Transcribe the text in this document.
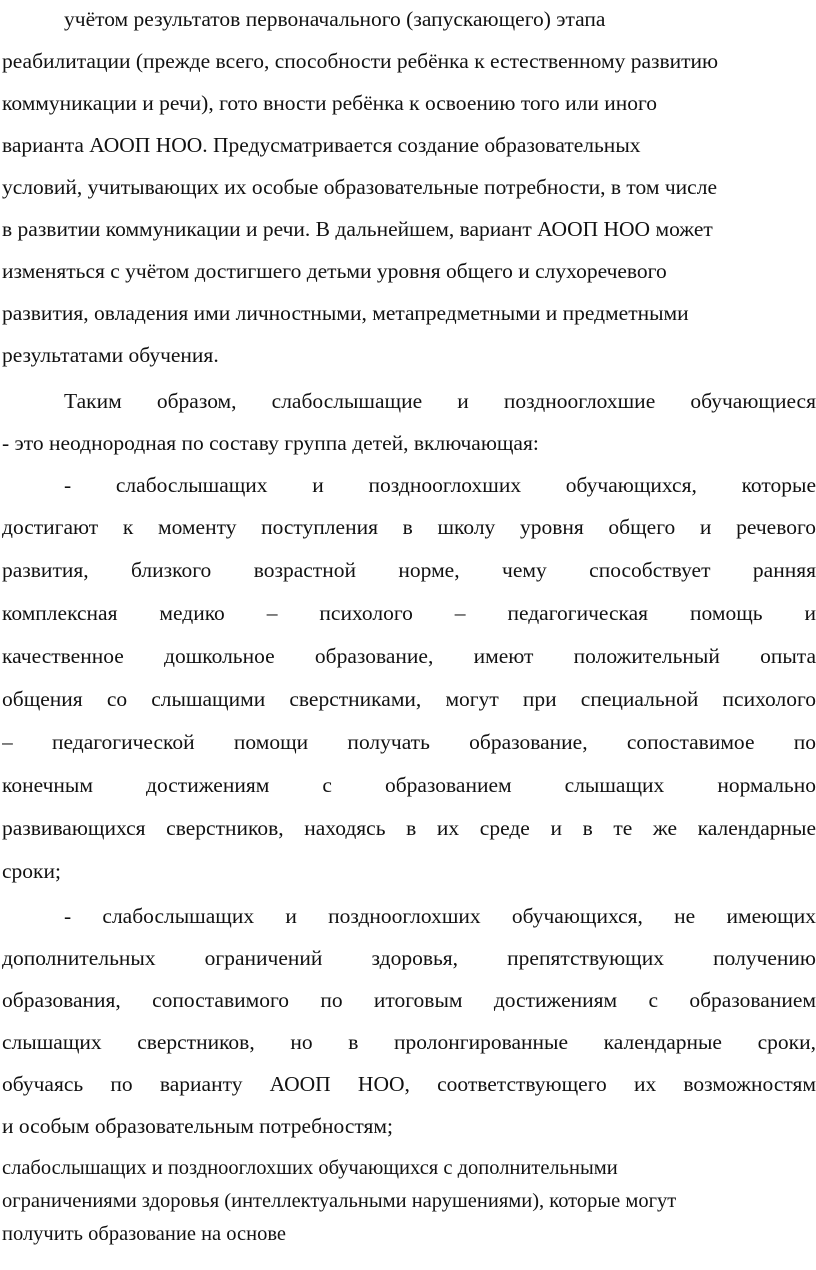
учётом результатов первоначального (запускающего) этапа
реабилитации (прежде всего, способности ребёнка к естественному развитию
коммуникации и речи), гото вности ребёнка к освоению того или иного
варианта АООП НОО. Предусматривается создание образовательных
условий, учитывающих их особые образовательные потребности, в том числе
в развитии коммуникации и речи. В дальнейшем, вариант АООП НОО может
изменяться с учётом достигшего детьми уровня общего и слухоречевого
развития, овладения ими личностными, метапредметными и предметными
результатами обучения.
Таким образом, слабослышащие и позднооглохшие обучающиеся
- это неоднородная по составу группа детей, включающая:
- слабослышащих и позднооглохших обучающихся, которые
достигают к моменту поступления в школу уровня общего и речевого
развития, близкого возрастной норме, чему способствует ранняя
комплексная медико – психолого – педагогическая помощь и
качественное дошкольное образование, имеют положительный опыта
общения со слышащими сверстниками, могут при специальной психолого
– педагогической помощи получать образование, сопоставимое по
конечным достижениям с образованием слышащих нормально
развивающихся сверстников, находясь в их среде и в те же календарные
сроки;
- слабослышащих и позднооглохших обучающихся, не имеющих
дополнительных ограничений здоровья, препятствующих получению
образования, сопоставимого по итоговым достижениям с образованием
слышащих сверстников, но в пролонгированные календарные сроки,
обучаясь по варианту АООП НОО, соответствующего их возможностям
и особым образовательным потребностям;
слабослышащих и позднооглохших обучающихся с дополнительными
ограничениями здоровья (интеллектуальными нарушениями), которые могут
получить образование на основе
